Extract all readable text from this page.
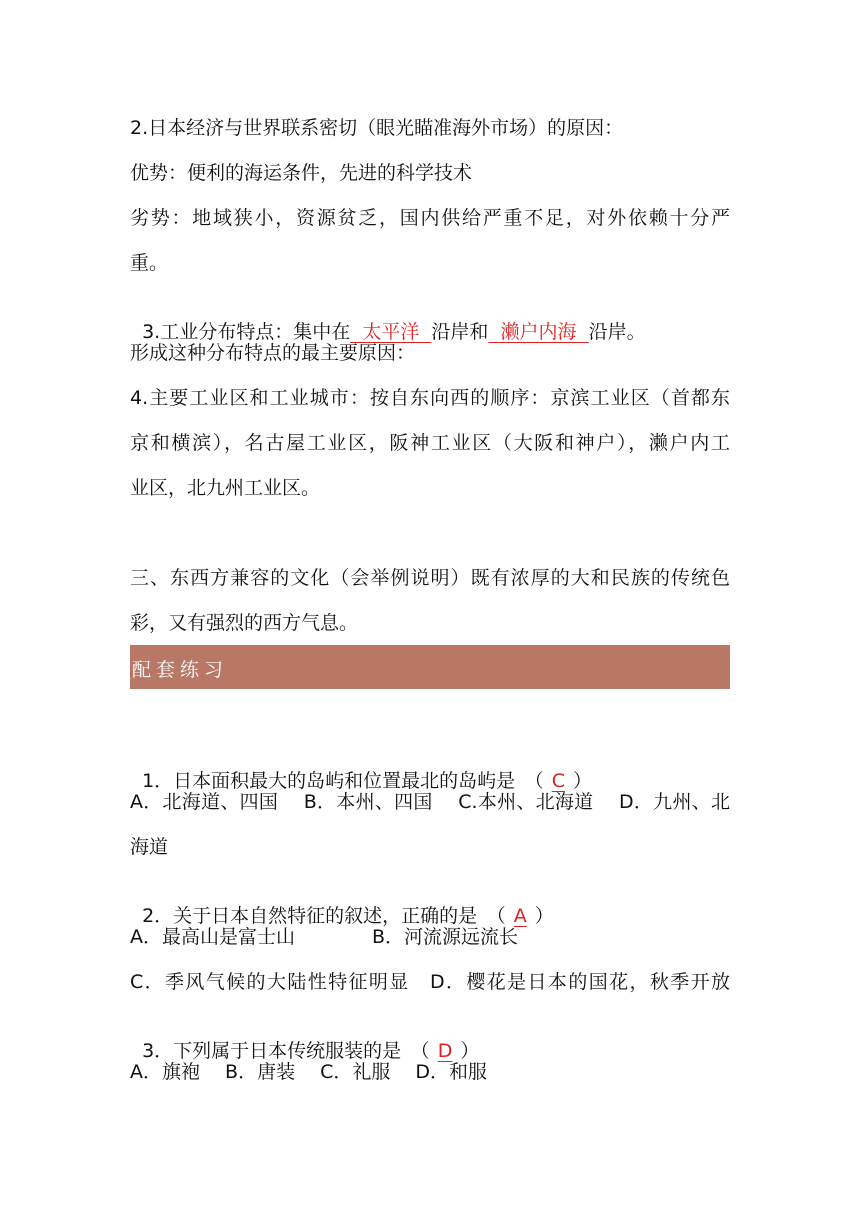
2.日本经济与世界联系密切（眼光瞄准海外市场）的原因：
优势：便利的海运条件，先进的科学技术
劣势：地域狭小，资源贫乏，国内供给严重不足，对外依赖十分严
重。

3.工业分布特点：集中在  太平洋  沿岸和  濑户内海  沿岸。

形成这种分布特点的最主要原因：
4.主要工业区和工业城市：按自东向西的顺序：京滨工业区（首都东
京和横滨），名古屋工业区，阪神工业区（大阪和神户），濑户内工
业区，北九州工业区。
三、东西方兼容的文化（会举例说明）既有浓厚的大和民族的传统色
彩，又有强烈的西方气息。
配套练习

1．日本面积最大的岛屿和位置最北的岛屿是　（ C ）

A．北海道、四国　 B．本州、四国　 C.本州、北海道　 D．九州、北
海道

2．关于日本自然特征的叙述，正确的是　（ A ）

A．最高山是富士山	B．河流源远流长
C．季风气候的大陆性特征明显　D．樱花是日本的国花，秋季开放

3．下列属于日本传统服装的是　（ D ）

A．旗袍　 B．唐装　 C．礼服　 D．和服
